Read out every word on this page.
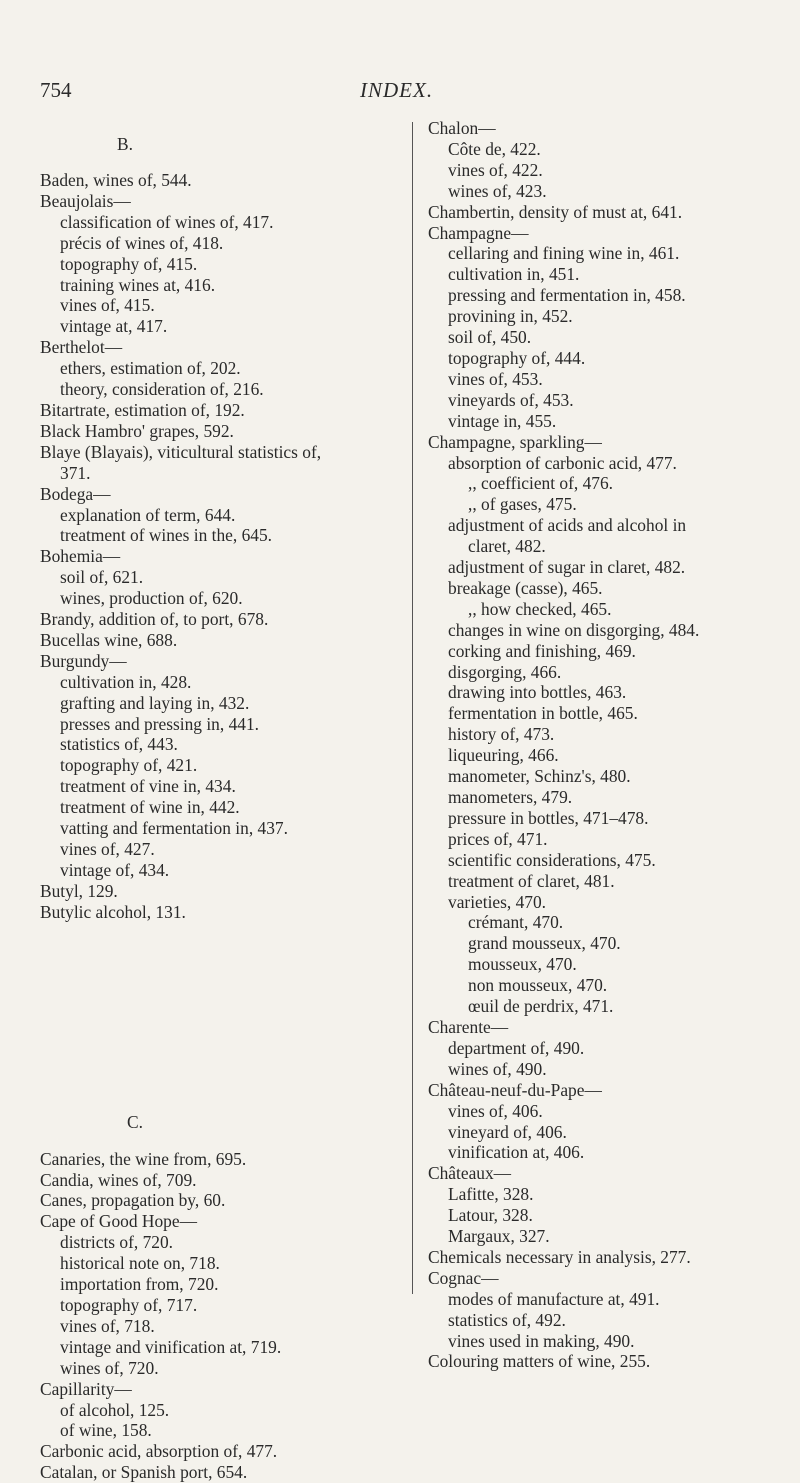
754	INDEX.
B.
Baden, wines of, 544.
Beaujolais—
classification of wines of, 417.
précis of wines of, 418.
topography of, 415.
training wines at, 416.
vines of, 415.
vintage at, 417.
Berthelot—
ethers, estimation of, 202.
theory, consideration of, 216.
Bitartrate, estimation of, 192.
Black Hambro' grapes, 592.
Blaye (Blayais), viticultural statistics of,
371.
Bodega—
explanation of term, 644.
treatment of wines in the, 645.
Bohemia—
soil of, 621.
wines, production of, 620.
Brandy, addition of, to port, 678.
Bucellas wine, 688.
Burgundy—
cultivation in, 428.
grafting and laying in, 432.
presses and pressing in, 441.
statistics of, 443.
topography of, 421.
treatment of vine in, 434.
treatment of wine in, 442.
vatting and fermentation in, 437.
vines of, 427.
vintage of, 434.
Butyl, 129.
Butylic alcohol, 131.
C.
Canaries, the wine from, 695.
Candia, wines of, 709.
Canes, propagation by, 60.
Cape of Good Hope—
districts of, 720.
historical note on, 718.
importation from, 720.
topography of, 717.
vines of, 718.
vintage and vinification at, 719.
wines of, 720.
Capillarity—
of alcohol, 125.
of wine, 158.
Carbonic acid, absorption of, 477.
Catalan, or Spanish port, 654.
Chalon—
Côte de, 422.
vines of, 422.
wines of, 423.
Chambertin, density of must at, 641.
Champagne—
cellaring and fining wine in, 461.
cultivation in, 451.
pressing and fermentation in, 458.
provining in, 452.
soil of, 450.
topography of, 444.
vines of, 453.
vineyards of, 453.
vintage in, 455.
Champagne, sparkling—
absorption of carbonic acid, 477.
,, coefficient of, 476.
,, of gases, 475.
adjustment of acids and alcohol in
claret, 482.
adjustment of sugar in claret, 482.
breakage (casse), 465.
,, how checked, 465.
changes in wine on disgorging, 484.
corking and finishing, 469.
disgorging, 466.
drawing into bottles, 463.
fermentation in bottle, 465.
history of, 473.
liqueuring, 466.
manometer, Schinz's, 480.
manometers, 479.
pressure in bottles, 471–478.
prices of, 471.
scientific considerations, 475.
treatment of claret, 481.
varieties, 470.
crémant, 470.
grand mousseux, 470.
mousseux, 470.
non mousseux, 470.
œuil de perdrix, 471.
Charente—
department of, 490.
wines of, 490.
Château-neuf-du-Pape—
vines of, 406.
vineyard of, 406.
vinification at, 406.
Châteaux—
Lafitte, 328.
Latour, 328.
Margaux, 327.
Chemicals necessary in analysis, 277.
Cognac—
modes of manufacture at, 491.
statistics of, 492.
vines used in making, 490.
Colouring matters of wine, 255.
